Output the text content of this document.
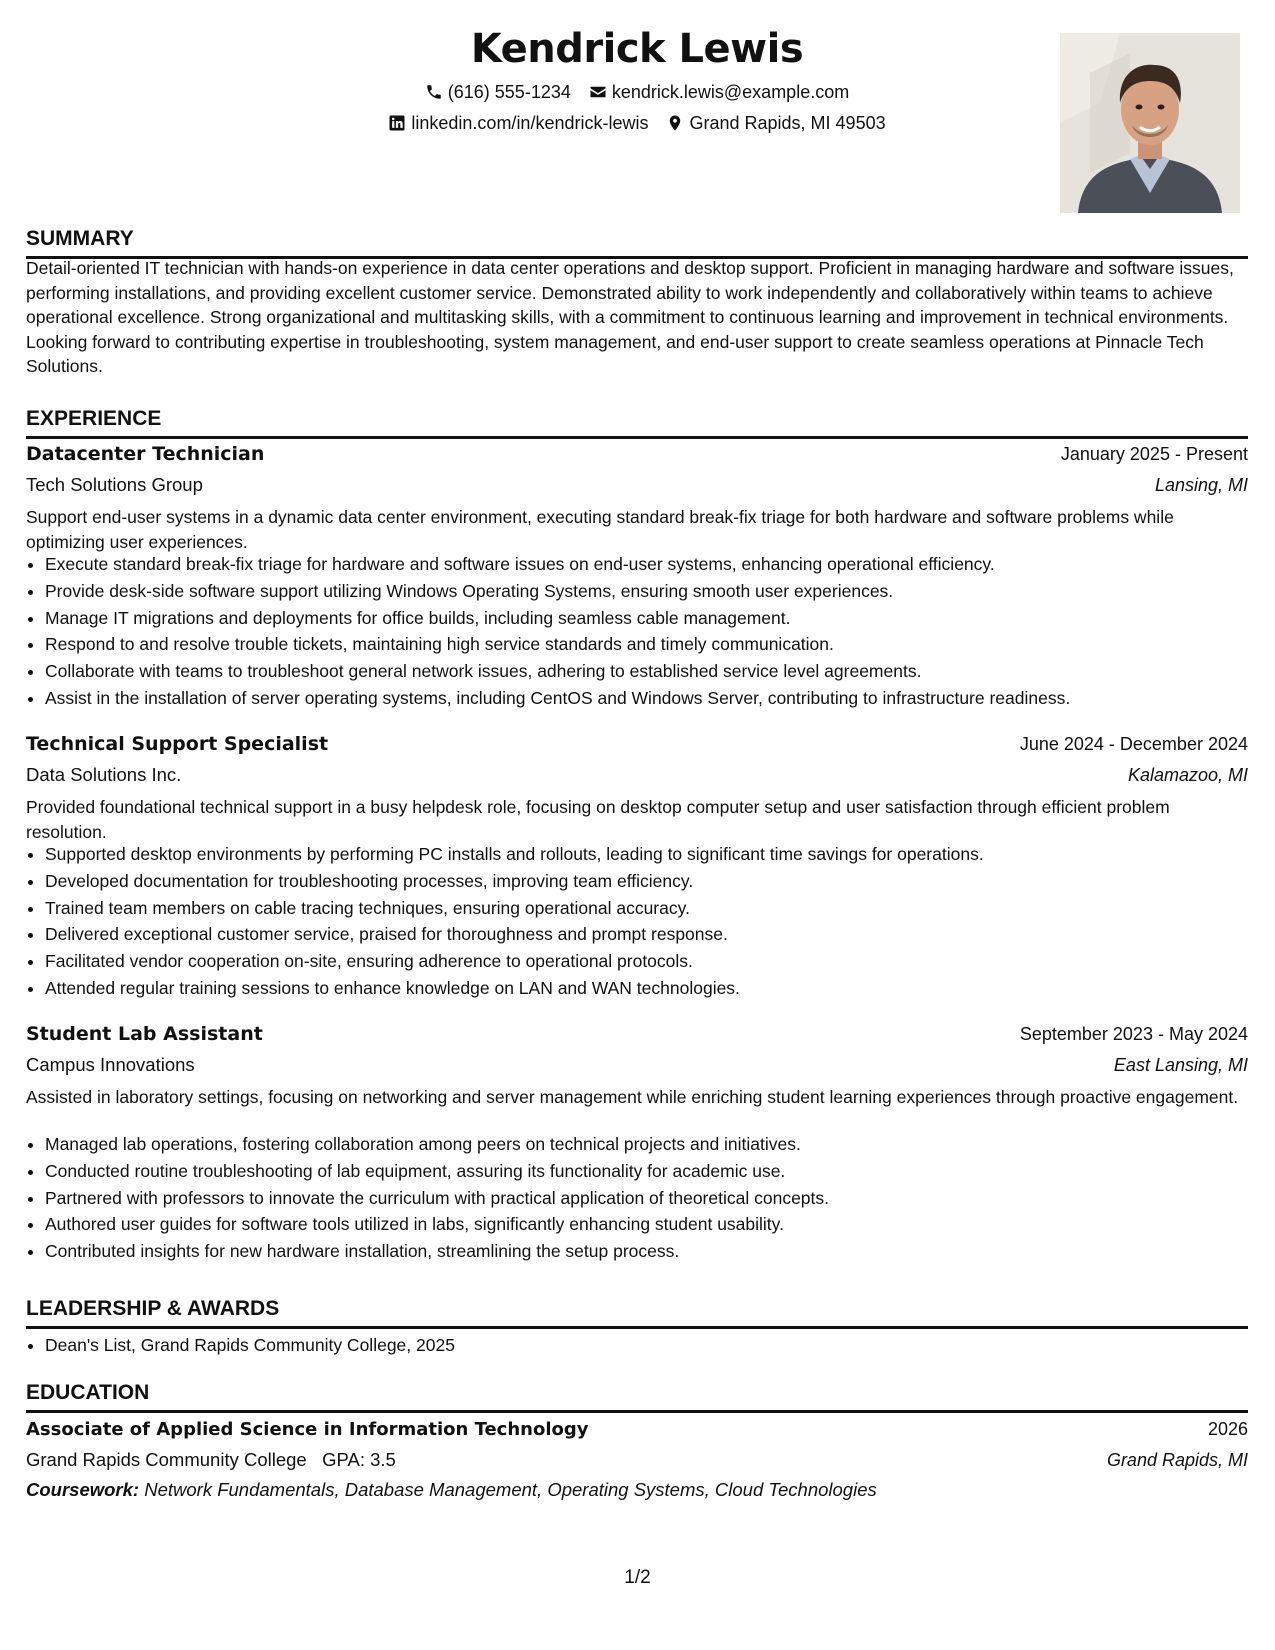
Kendrick Lewis
(616) 555-1234 kendrick.lewis@example.com
linkedin.com/in/kendrick-lewis Grand Rapids, MI 49503
SUMMARY
Detail-oriented IT technician with hands-on experience in data center operations and desktop support. Proficient in managing hardware and software issues, performing installations, and providing excellent customer service. Demonstrated ability to work independently and collaboratively within teams to achieve operational excellence. Strong organizational and multitasking skills, with a commitment to continuous learning and improvement in technical environments. Looking forward to contributing expertise in troubleshooting, system management, and end-user support to create seamless operations at Pinnacle Tech Solutions.
EXPERIENCE
Datacenter Technician	January 2025 - Present
Tech Solutions Group	Lansing, MI
Support end-user systems in a dynamic data center environment, executing standard break-fix triage for both hardware and software problems while optimizing user experiences.
• Execute standard break-fix triage for hardware and software issues on end-user systems, enhancing operational efficiency.
• Provide desk-side software support utilizing Windows Operating Systems, ensuring smooth user experiences.
• Manage IT migrations and deployments for office builds, including seamless cable management.
• Respond to and resolve trouble tickets, maintaining high service standards and timely communication.
• Collaborate with teams to troubleshoot general network issues, adhering to established service level agreements.
• Assist in the installation of server operating systems, including CentOS and Windows Server, contributing to infrastructure readiness.
Technical Support Specialist	June 2024 - December 2024
Data Solutions Inc.	Kalamazoo, MI
Provided foundational technical support in a busy helpdesk role, focusing on desktop computer setup and user satisfaction through efficient problem resolution.
• Supported desktop environments by performing PC installs and rollouts, leading to significant time savings for operations.
• Developed documentation for troubleshooting processes, improving team efficiency.
• Trained team members on cable tracing techniques, ensuring operational accuracy.
• Delivered exceptional customer service, praised for thoroughness and prompt response.
• Facilitated vendor cooperation on-site, ensuring adherence to operational protocols.
• Attended regular training sessions to enhance knowledge on LAN and WAN technologies.
Student Lab Assistant	September 2023 - May 2024
Campus Innovations	East Lansing, MI
Assisted in laboratory settings, focusing on networking and server management while enriching student learning experiences through proactive engagement.
• Managed lab operations, fostering collaboration among peers on technical projects and initiatives.
• Conducted routine troubleshooting of lab equipment, assuring its functionality for academic use.
• Partnered with professors to innovate the curriculum with practical application of theoretical concepts.
• Authored user guides for software tools utilized in labs, significantly enhancing student usability.
• Contributed insights for new hardware installation, streamlining the setup process.
LEADERSHIP & AWARDS
• Dean's List, Grand Rapids Community College, 2025
EDUCATION
Associate of Applied Science in Information Technology	2026
Grand Rapids Community College GPA: 3.5	Grand Rapids, MI
Coursework: Network Fundamentals, Database Management, Operating Systems, Cloud Technologies
1/2
